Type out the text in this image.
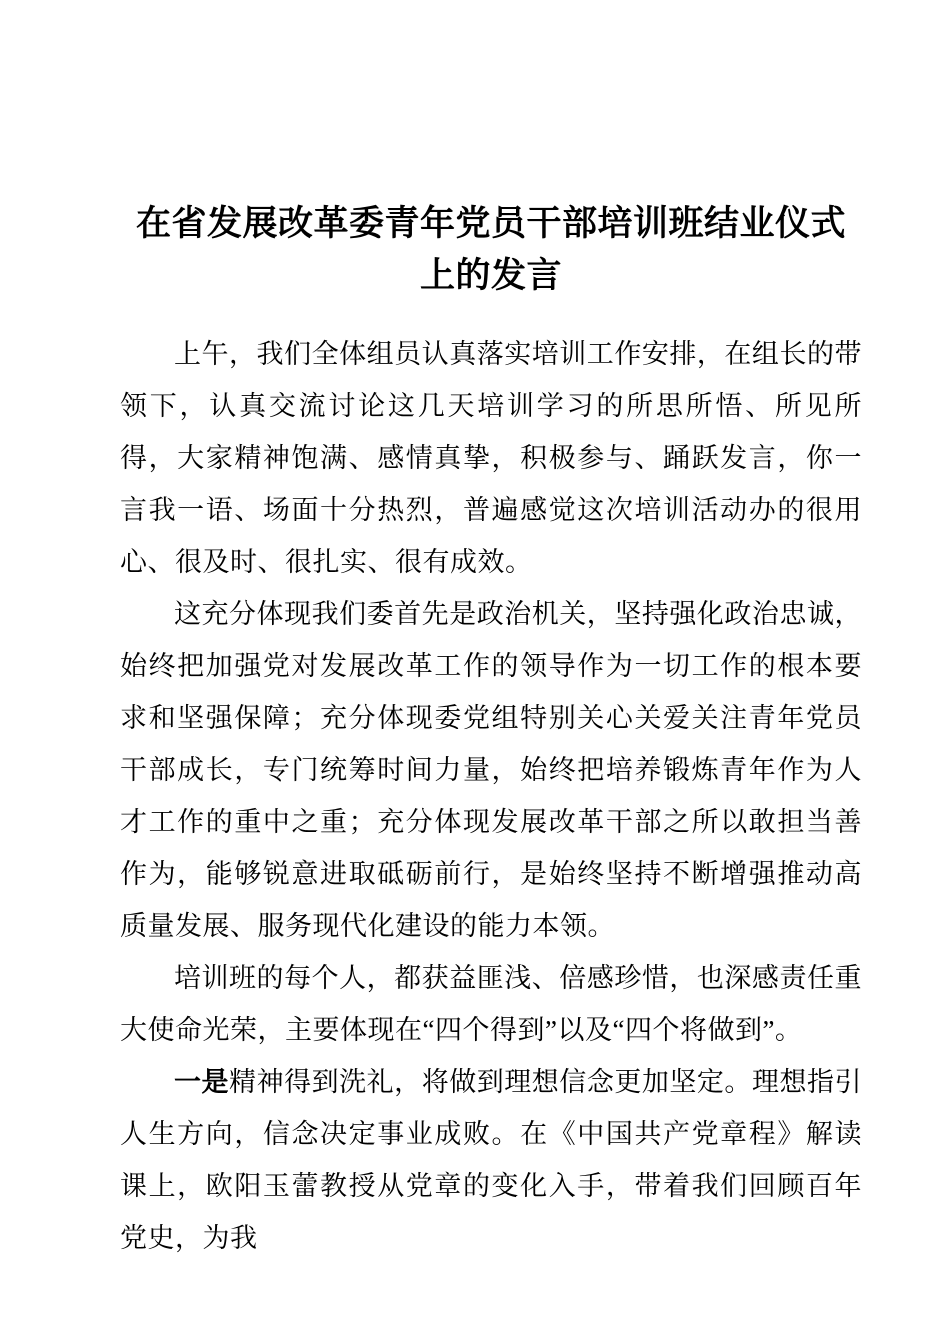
在省发展改革委青年党员干部培训班结业仪式上的发言

上午，我们全体组员认真落实培训工作安排，在组长的带领下，认真交流讨论这几天培训学习的所思所悟、所见所得，大家精神饱满、感情真挚，积极参与、踊跃发言，你一言我一语、场面十分热烈，普遍感觉这次培训活动办的很用心、很及时、很扎实、很有成效。

这充分体现我们委首先是政治机关，坚持强化政治忠诚，始终把加强党对发展改革工作的领导作为一切工作的根本要求和坚强保障；充分体现委党组特别关心关爱关注青年党员干部成长，专门统筹时间力量，始终把培养锻炼青年作为人才工作的重中之重；充分体现发展改革干部之所以敢担当善作为，能够锐意进取砥砺前行，是始终坚持不断增强推动高质量发展、服务现代化建设的能力本领。

培训班的每个人，都获益匪浅、倍感珍惜，也深感责任重大使命光荣，主要体现在“四个得到”以及“四个将做到”。

一是精神得到洗礼，将做到理想信念更加坚定。理想指引人生方向，信念决定事业成败。在《中国共产党章程》解读课上，欧阳玉蕾教授从党章的变化入手，带着我们回顾百年党史，为我
